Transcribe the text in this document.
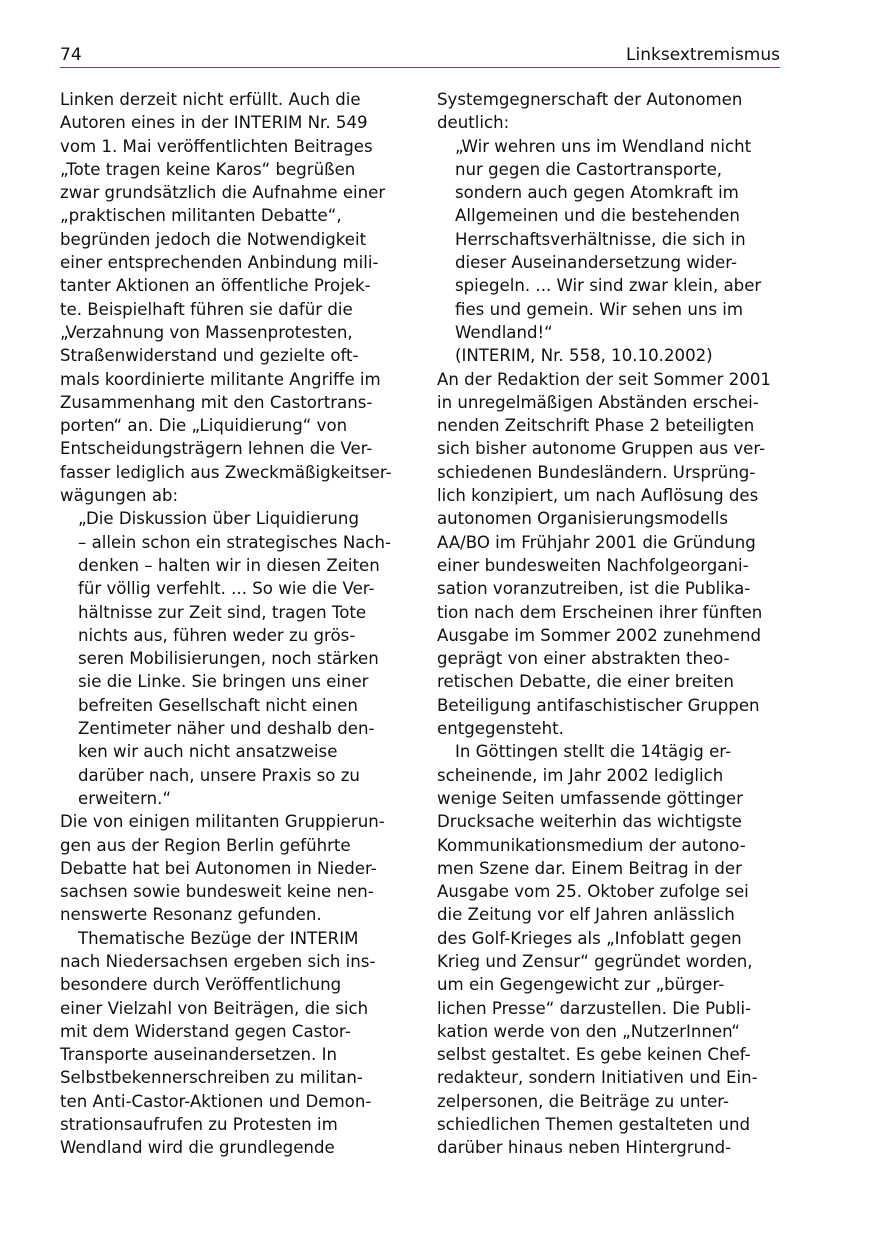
74	Linksextremismus
Linken derzeit nicht erfüllt. Auch die
Autoren eines in der INTERIM Nr. 549
vom 1. Mai veröffentlichten Beitrages
„Tote tragen keine Karos“ begrüßen
zwar grundsätzlich die Aufnahme einer
„praktischen militanten Debatte“,
begründen jedoch die Notwendigkeit
einer entsprechenden Anbindung mili-
tanter Aktionen an öffentliche Projek-
te. Beispielhaft führen sie dafür die
„Verzahnung von Massenprotesten,
Straßenwiderstand und gezielte oft-
mals koordinierte militante Angriffe im
Zusammenhang mit den Castortrans-
porten“ an. Die „Liquidierung“ von
Entscheidungsträgern lehnen die Ver-
fasser lediglich aus Zweckmäßigkeitser-
wägungen ab:
„Die Diskussion über Liquidierung
– allein schon ein strategisches Nach-
denken – halten wir in diesen Zeiten
für völlig verfehlt. ... So wie die Ver-
hältnisse zur Zeit sind, tragen Tote
nichts aus, führen weder zu grös-
seren Mobilisierungen, noch stärken
sie die Linke. Sie bringen uns einer
befreiten Gesellschaft nicht einen
Zentimeter näher und deshalb den-
ken wir auch nicht ansatzweise
darüber nach, unsere Praxis so zu
erweitern.“
Die von einigen militanten Gruppierun-
gen aus der Region Berlin geführte
Debatte hat bei Autonomen in Nieder-
sachsen sowie bundesweit keine nen-
nenswerte Resonanz gefunden.
Thematische Bezüge der INTERIM
nach Niedersachsen ergeben sich ins-
besondere durch Veröffentlichung
einer Vielzahl von Beiträgen, die sich
mit dem Widerstand gegen Castor-
Transporte auseinandersetzen. In
Selbstbekennerschreiben zu militan-
ten Anti-Castor-Aktionen und Demon-
strationsaufrufen zu Protesten im
Wendland wird die grundlegende
Systemgegnerschaft der Autonomen
deutlich:
„Wir wehren uns im Wendland nicht
nur gegen die Castortransporte,
sondern auch gegen Atomkraft im
Allgemeinen und die bestehenden
Herrschaftsverhältnisse, die sich in
dieser Auseinandersetzung wider-
spiegeln. ... Wir sind zwar klein, aber
fies und gemein. Wir sehen uns im
Wendland!“
(INTERIM, Nr. 558, 10.10.2002)
An der Redaktion der seit Sommer 2001
in unregelmäßigen Abständen erschei-
nenden Zeitschrift Phase 2 beteiligten
sich bisher autonome Gruppen aus ver-
schiedenen Bundesländern. Ursprüng-
lich konzipiert, um nach Auflösung des
autonomen Organisierungsmodells
AA/BO im Frühjahr 2001 die Gründung
einer bundesweiten Nachfolgeorgani-
sation voranzutreiben, ist die Publika-
tion nach dem Erscheinen ihrer fünften
Ausgabe im Sommer 2002 zunehmend
geprägt von einer abstrakten theo-
retischen Debatte, die einer breiten
Beteiligung antifaschistischer Gruppen
entgegensteht.
In Göttingen stellt die 14tägig er-
scheinende, im Jahr 2002 lediglich
wenige Seiten umfassende göttinger
Drucksache weiterhin das wichtigste
Kommunikationsmedium der autono-
men Szene dar. Einem Beitrag in der
Ausgabe vom 25. Oktober zufolge sei
die Zeitung vor elf Jahren anlässlich
des Golf-Krieges als „Infoblatt gegen
Krieg und Zensur“ gegründet worden,
um ein Gegengewicht zur „bürger-
lichen Presse“ darzustellen. Die Publi-
kation werde von den „NutzerInnen“
selbst gestaltet. Es gebe keinen Chef-
redakteur, sondern Initiativen und Ein-
zelpersonen, die Beiträge zu unter-
schiedlichen Themen gestalteten und
darüber hinaus neben Hintergrund-
